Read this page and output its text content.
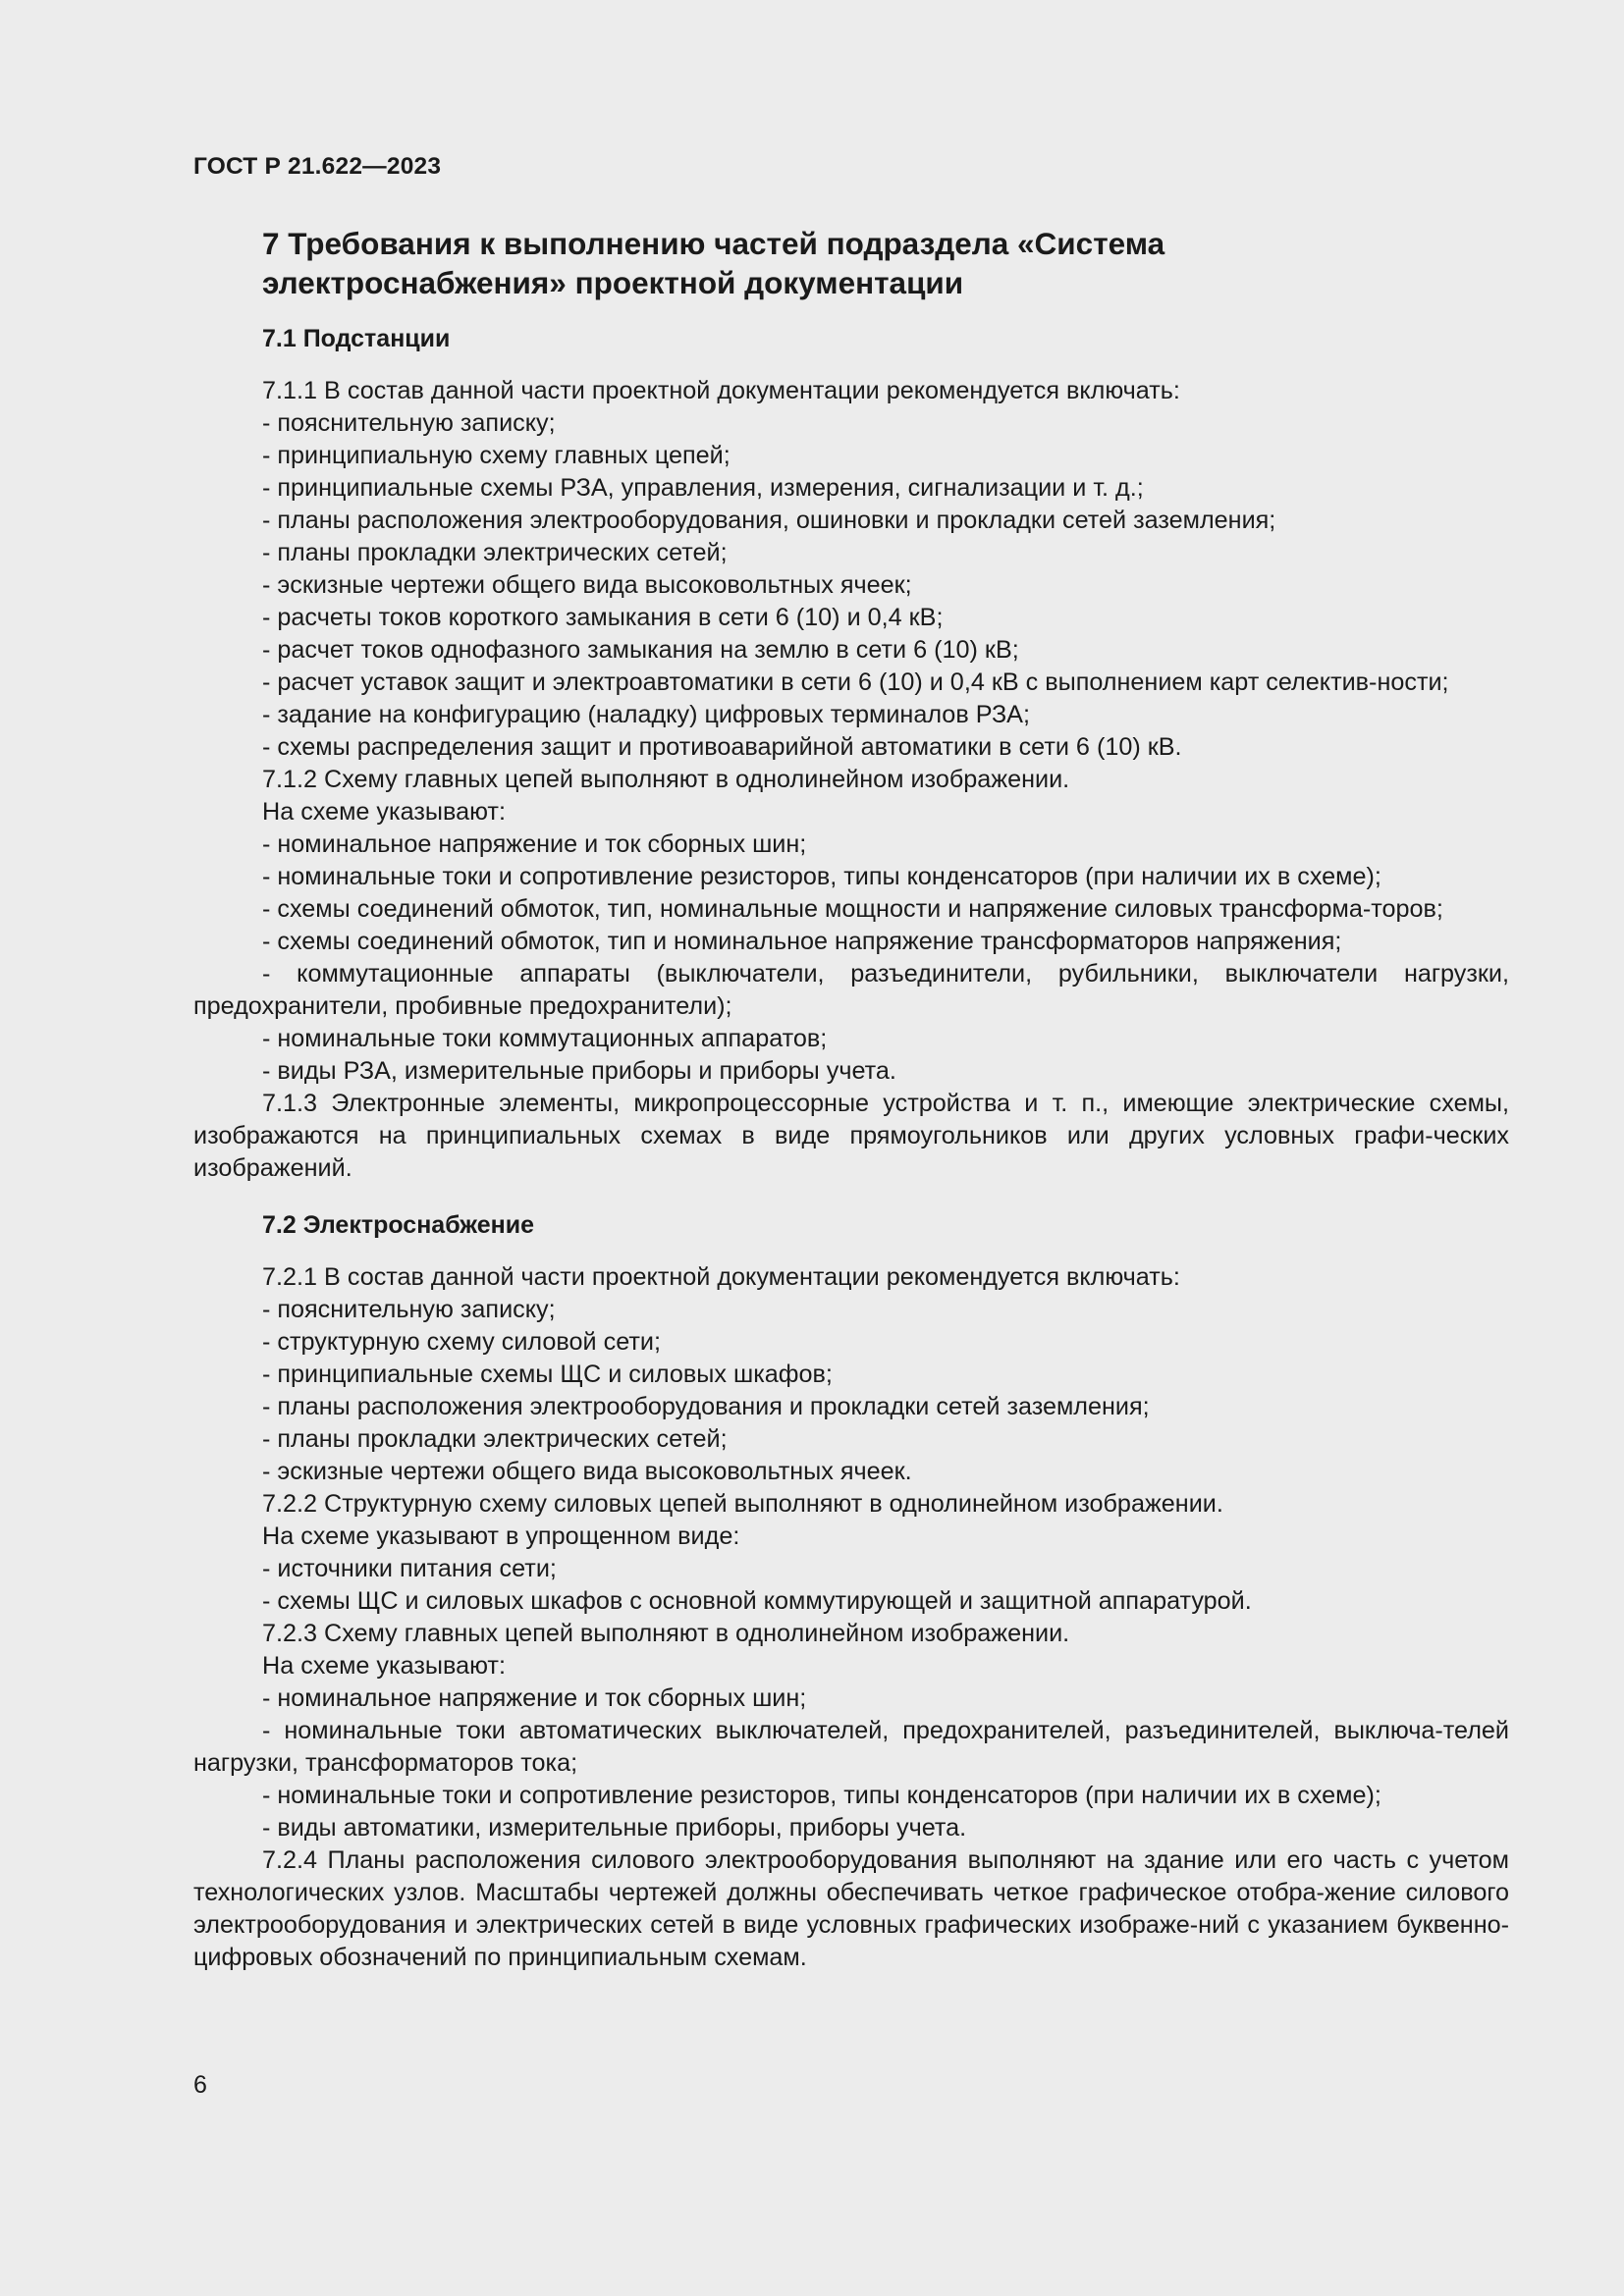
ГОСТ Р 21.622—2023
7 Требования к выполнению частей подраздела «Система
электроснабжения» проектной документации
7.1 Подстанции

7.1.1 В состав данной части проектной документации рекомендуется включать:

- пояснительную записку;

- принципиальную схему главных цепей;

- принципиальные схемы РЗА, управления, измерения, сигнализации и т. д.;

- планы расположения электрооборудования, ошиновки и прокладки сетей заземления;

- планы прокладки электрических сетей;

- эскизные чертежи общего вида высоковольтных ячеек;

- расчеты токов короткого замыкания в сети 6 (10) и 0,4 кВ;

- расчет токов однофазного замыкания на землю в сети 6 (10) кВ;

- расчет уставок защит и электроавтоматики в сети 6 (10) и 0,4 кВ с выполнением карт селектив-ности;

- задание на конфигурацию (наладку) цифровых терминалов РЗА;

- схемы распределения защит и противоаварийной автоматики в сети 6 (10) кВ.

7.1.2 Схему главных цепей выполняют в однолинейном изображении.

На схеме указывают:

- номинальное напряжение и ток сборных шин;

- номинальные токи и сопротивление резисторов, типы конденсаторов (при наличии их в схеме);

- схемы соединений обмоток, тип, номинальные мощности и напряжение силовых трансформа-торов;

- схемы соединений обмоток, тип и номинальное напряжение трансформаторов напряжения;

- коммутационные аппараты (выключатели, разъединители, рубильники, выключатели нагрузки, предохранители, пробивные предохранители);

- номинальные токи коммутационных аппаратов;

- виды РЗА, измерительные приборы и приборы учета.

7.1.3 Электронные элементы, микропроцессорные устройства и т. п., имеющие электрические схемы, изображаются на принципиальных схемах в виде прямоугольников или других условных графи-ческих изображений.

7.2 Электроснабжение

7.2.1 В состав данной части проектной документации рекомендуется включать:

- пояснительную записку;

- структурную схему силовой сети;

- принципиальные схемы ЩС и силовых шкафов;

- планы расположения электрооборудования и прокладки сетей заземления;

- планы прокладки электрических сетей;

- эскизные чертежи общего вида высоковольтных ячеек.

7.2.2 Структурную схему силовых цепей выполняют в однолинейном изображении.

На схеме указывают в упрощенном виде:

- источники питания сети;

- схемы ЩС и силовых шкафов с основной коммутирующей и защитной аппаратурой.

7.2.3 Схему главных цепей выполняют в однолинейном изображении.

На схеме указывают:

- номинальное напряжение и ток сборных шин;

- номинальные токи автоматических выключателей, предохранителей, разъединителей, выключа-телей нагрузки, трансформаторов тока;

- номинальные токи и сопротивление резисторов, типы конденсаторов (при наличии их в схеме);

- виды автоматики, измерительные приборы, приборы учета.

7.2.4 Планы расположения силового электрооборудования выполняют на здание или его часть с учетом технологических узлов. Масштабы чертежей должны обеспечивать четкое графическое отобра-жение силового электрооборудования и электрических сетей в виде условных графических изображе-ний с указанием буквенно-цифровых обозначений по принципиальным схемам.

6
